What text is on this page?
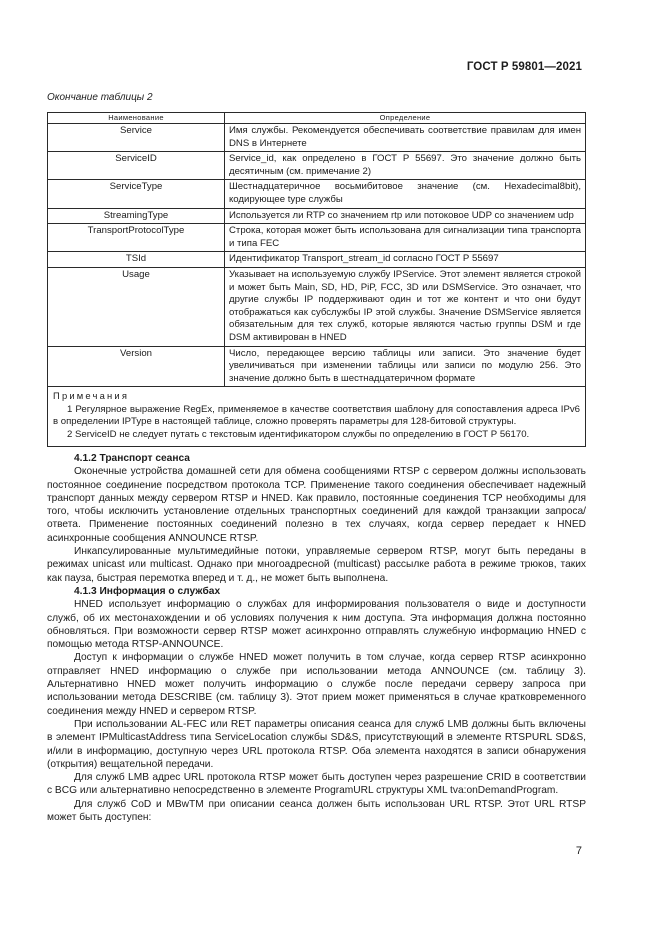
ГОСТ Р 59801—2021
Окончание таблицы 2
Наименование	Определение
Service	Имя службы. Рекомендуется обеспечивать соответствие правилам для имен DNS в Интернете
ServiceID	Service_id, как определено в ГОСТ Р 55697. Это значение должно быть десятичным (см. примечание 2)
ServiceType	Шестнадцатеричное восьмибитовое значение (см. Hexadecimal8bit), кодирующее type службы
StreamingType	Используется ли RTP со значением rtp или потоковое UDP со значением udp
TransportProtocolType	Строка, которая может быть использована для сигнализации типа транспорта и типа FEC
TSId	Идентификатор Transport_stream_id согласно ГОСТ Р 55697
Usage	Указывает на используемую службу IPService. Этот элемент является строкой и может быть Main, SD, HD, PiP, FCC, 3D или DSMService. Это означает, что другие службы IP поддерживают один и тот же контент и что они будут отображаться как субслужбы IP этой службы. Значение DSMService является обязательным для тех служб, которые являются частью группы DSM и где DSM активирован в HNED
Version	Число, передающее версию таблицы или записи. Это значение будет увеличиваться при изменении таблицы или записи по модулю 256. Это значение должно быть в шестнадцатеричном формате

Примечания
1 Регулярное выражение RegEx, применяемое в качестве соответствия шаблону для сопоставления адреса IPv6 в определении IPType в настоящей таблице, сложно проверять параметры для 128-битовой структуры.
2 ServiceID не следует путать с текстовым идентификатором службы по определению в ГОСТ Р 56170.	
4.1.2 Транспорт сеанса

Оконечные устройства домашней сети для обмена сообщениями RTSP с сервером должны использовать постоянное соединение посредством протокола TCP. Применение такого соединения обеспечивает надежный транспорт данных между сервером RTSP и HNED. Как правило, постоянные соединения TCP необходимы для того, чтобы исключить установление отдельных транспортных соединений для каждой транзакции запроса/ответа. Применение постоянных соединений полезно в тех случаях, когда сервер передает к HNED асинхронные сообщения ANNOUNCE RTSP.

Инкапсулированные мультимедийные потоки, управляемые сервером RTSP, могут быть переданы в режимах unicast или multicast. Однако при многоадресной (multicast) рассылке работа в режиме трюков, таких как пауза, быстрая перемотка вперед и т. д., не может быть выполнена.

4.1.3 Информация о службах

HNED использует информацию о службах для информирования пользователя о виде и доступности служб, об их местонахождении и об условиях получения к ним доступа. Эта информация должна постоянно обновляться. При возможности сервер RTSP может асинхронно отправлять служебную информацию HNED с помощью метода RTSP-ANNOUNCE.

Доступ к информации о службе HNED может получить в том случае, когда сервер RTSP асинхронно отправляет HNED информацию о службе при использовании метода ANNOUNCE (см. таблицу 3). Альтернативно HNED может получить информацию о службе после передачи серверу запроса при использовании метода DESCRIBE (см. таблицу 3). Этот прием может применяться в случае кратковременного соединения между HNED и сервером RTSP.

При использовании AL-FEC или RET параметры описания сеанса для служб LMB должны быть включены в элемент IPMulticastAddress типа ServiceLocation службы SD&S, присутствующий в элементе RTSPURL SD&S, и/или в информацию, доступную через URL протокола RTSP. Оба элемента находятся в записи обнаружения (открытия) вещательной передачи.

Для служб LMB адрес URL протокола RTSP может быть доступен через разрешение CRID в соответствии с BCG или альтернативно непосредственно в элементе ProgramURL структуры XML tva:onDemandProgram.

Для служб CoD и MBwTM при описании сеанса должен быть использован URL RTSP. Этот URL RTSP может быть доступен:

7
